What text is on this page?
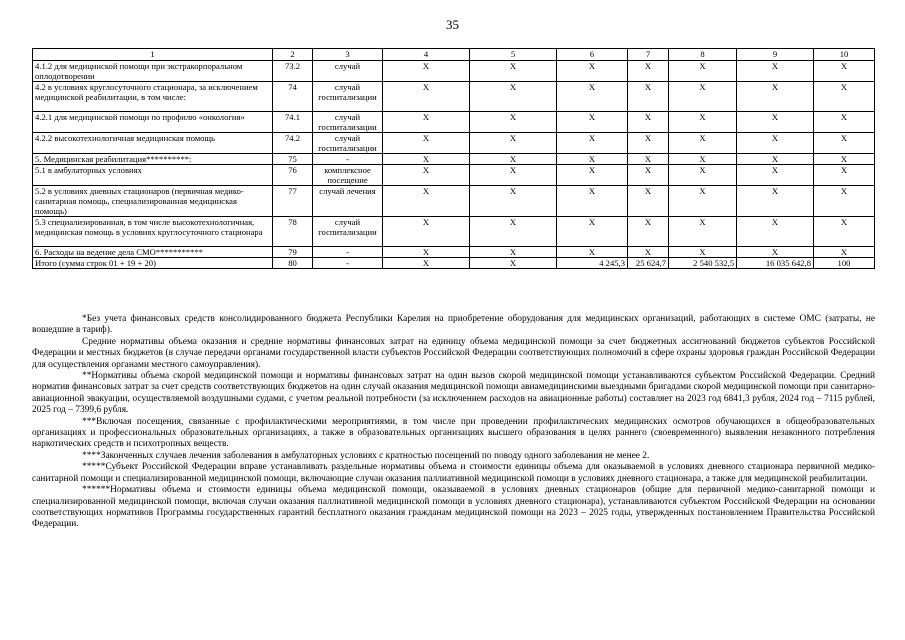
35
1	2	3	4	5	6	7	8	9	10
4.1.2 для медицинской помощи при экстракорпоральном оплодотворении	73.2	случай	X	X	X	X	X	X	X
4.2 в условиях круглосуточного стационара, за исключением медицинской реабилитации, в том числе:	74	случай госпитализации	X	X	X	X	X	X	X
4.2.1 для медицинской помощи по профилю «онкология»	74.1	случай госпитализации	X	X	X	X	X	X	X
4.2.2 высокотехнологичная медицинская помощь	74.2	случай госпитализации	X	X	X	X	X	X	X
5. Медицинская реабилитация**********:	75	-	X	X	X	X	X	X	X
5.1 в амбулаторных условиях	76	комплексное посещение	X	X	X	X	X	X	X
5.2 в условиях дневных стационаров (первичная медико-санитарная помощь, специализированная медицинская помощь)	77	случай лечения	X	X	X	X	X	X	X
5.3 специализированная, в том числе высокотехнологичная, медицинская помощь в условиях круглосуточного стационара	78	случай госпитализации	X	X	X	X	X	X	X
6. Расходы на ведение дела СМО***********	79	-	X	X	X	X	X	X	X
Итого (сумма строк 01 + 19 + 20)	80	-	X	X	4 245,3	25 624,7	2 540 532,5	16 035 642,8	100

*Без учета финансовых средств консолидированного бюджета Республики Карелия на приобретение оборудования для медицинских организаций, работающих в системе ОМС (затраты, не вошедшие в тариф).

Средние нормативы объема оказания и средние нормативы финансовых затрат на единицу объема медицинской помощи за счет бюджетных ассигнований бюджетов субъектов Российской Федерации и местных бюджетов (в случае передачи органами государственной власти субъектов Российской Федерации соответствующих полномочий в сфере охраны здоровья граждан Российской Федерации для осуществления органами местного самоуправления).

**Нормативы объема скорой медицинской помощи и нормативы финансовых затрат на один вызов скорой медицинской помощи устанавливаются субъектом Российской Федерации. Средний норматив финансовых затрат за счет средств соответствующих бюджетов на один случай оказания медицинской помощи авиамедицинскими выездными бригадами скорой медицинской помощи при санитарно-авиационной эвакуации, осуществляемой воздушными судами, с учетом реальной потребности (за исключением расходов на авиационные работы) составляет на 2023 год 6841,3 рубля, 2024 год – 7115 рублей, 2025 год – 7399,6 рубля.

***Включая посещения, связанные с профилактическими мероприятиями, в том числе при проведении профилактических медицинских осмотров обучающихся в общеобразовательных организациях и профессиональных образовательных организациях, а также в образовательных организациях высшего образования в целях раннего (своевременного) выявления незаконного потребления наркотических средств и психотропных веществ.

****Законченных случаев лечения заболевания в амбулаторных условиях с кратностью посещений по поводу одного заболевания не менее 2.

*****Субъект Российской Федерации вправе устанавливать раздельные нормативы объема и стоимости единицы объема для оказываемой в условиях дневного стационара первичной медико-санитарной помощи и специализированной медицинской помощи, включающие случаи оказания паллиативной медицинской помощи в условиях дневного стационара, а также для медицинской реабилитации.

******Нормативы объема и стоимости единицы объема медицинской помощи, оказываемой в условиях дневных стационаров (общие для первичной медико-санитарной помощи и специализированной медицинской помощи, включая случаи оказания паллиативной медицинской помощи в условиях дневного стационара), устанавливаются субъектом Российской Федерации на основании соответствующих нормативов Программы государственных гарантий бесплатного оказания гражданам медицинской помощи на 2023 – 2025 годы, утвержденных постановлением Правительства Российской Федерации.
